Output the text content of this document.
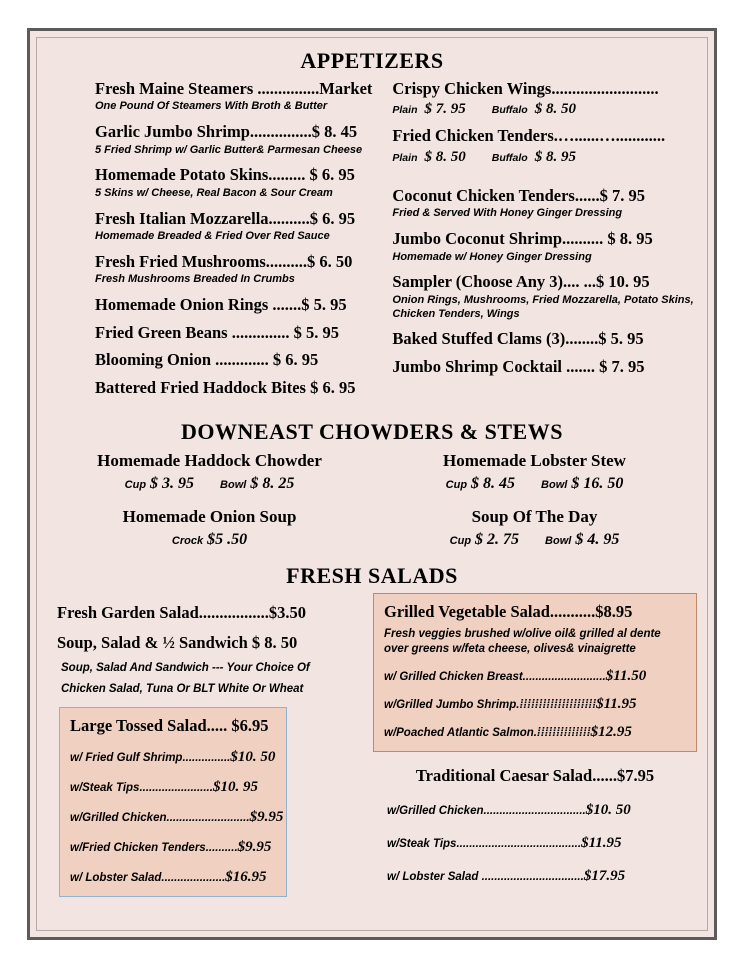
APPETIZERS
Fresh Maine Steamers ...............Market
One Pound Of Steamers With Broth & Butter
Garlic Jumbo Shrimp...............$ 8. 45
5 Fried Shrimp w/ Garlic Butter& Parmesan Cheese
Homemade Potato Skins......... $ 6. 95
5 Skins w/ Cheese, Real Bacon & Sour Cream
Fresh Italian Mozzarella..........$ 6. 95
Homemade Breaded & Fried Over Red Sauce
Fresh Fried Mushrooms..........$ 6. 50
Fresh Mushrooms Breaded In Crumbs
Homemade Onion Rings .......$ 5. 95
Fried Green Beans .............. $ 5. 95
Blooming Onion ............. $ 6. 95
Battered Fried Haddock Bites $ 6. 95
Crispy Chicken Wings..........................
Plain $ 7. 95 Buffalo $ 8. 50
Fried Chicken Tenders.…......…............
Plain $ 8. 50 Buffalo $ 8. 95
Coconut Chicken Tenders......$ 7. 95
Fried & Served With Honey Ginger Dressing
Jumbo Coconut Shrimp.......... $ 8. 95
Homemade w/ Honey Ginger Dressing
Sampler (Choose Any 3).... ...$ 10. 95
Onion Rings, Mushrooms, Fried Mozzarella, Potato Skins, Chicken Tenders, Wings
Baked Stuffed Clams (3)........$ 5. 95
Jumbo Shrimp Cocktail ....... $ 7. 95
DOWNEAST CHOWDERS & STEWS
Homemade Haddock Chowder
Cup $ 3. 95 Bowl $ 8. 25
Homemade Lobster Stew
Cup $ 8. 45 Bowl $ 16. 50
Homemade Onion Soup
Crock $5 .50
Soup Of The Day
Cup $ 2. 75 Bowl $ 4. 95
FRESH SALADS
Fresh Garden Salad.................$3.50
Soup, Salad & ½ Sandwich $ 8. 50
Soup, Salad And Sandwich --- Your Choice Of
Chicken Salad, Tuna Or BLT White Or Wheat
Large Tossed Salad..... $6.95
w/ Fried Gulf Shrimp...............$10. 50
w/Steak Tips.......................$10. 95
w/Grilled Chicken..........................$9.95
w/Fried Chicken Tenders..........$9.95
w/ Lobster Salad....................$16.95
Grilled Vegetable Salad...........$8.95
Fresh veggies brushed w/olive oil& grilled al dente over greens w/feta cheese, olives& vinaigrette
w/ Grilled Chicken Breast..........................$11.50
w/Grilled Jumbo Shrimp.⁞⁞⁞⁞⁞⁞⁞⁞⁞⁞⁞⁞⁞⁞⁞⁞⁞⁞⁞⁞$11.95
w/Poached Atlantic Salmon.⁞⁞⁞⁞⁞⁞⁞⁞⁞⁞⁞⁞⁞⁞$12.95
Traditional Caesar Salad......$7.95
w/Grilled Chicken................................$10. 50
w/Steak Tips.......................................$11.95
w/ Lobster Salad ................................$17.95
